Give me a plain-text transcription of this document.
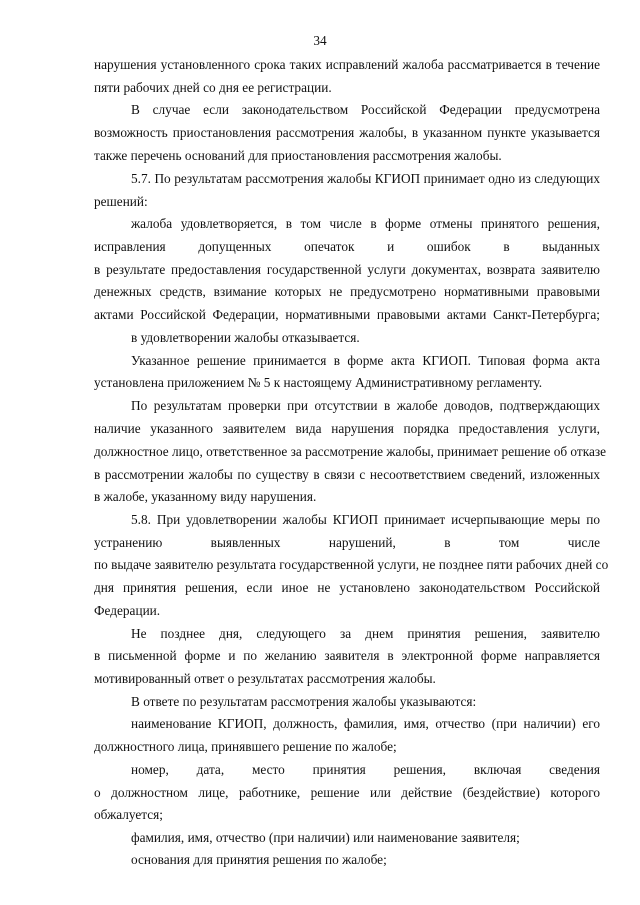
34
нарушения установленного срока таких исправлений жалоба рассматривается в течение
пяти рабочих дней со дня ее регистрации.
В случае если законодательством Российской Федерации предусмотрена
возможность приостановления рассмотрения жалобы, в указанном пункте указывается
также перечень оснований для приостановления рассмотрения жалобы.
5.7. По результатам рассмотрения жалобы КГИОП принимает одно из следующих
решений:
жалоба удовлетворяется, в том числе в форме отмены принятого решения,
исправления допущенных опечаток и ошибок в выданных
в результате предоставления государственной услуги документах, возврата заявителю
денежных средств, взимание которых не предусмотрено нормативными правовыми
актами Российской Федерации, нормативными правовыми актами Санкт-Петербурга;
в удовлетворении жалобы отказывается.
Указанное решение принимается в форме акта КГИОП. Типовая форма акта
установлена приложением № 5 к настоящему Административному регламенту.
По результатам проверки при отсутствии в жалобе доводов, подтверждающих
наличие указанного заявителем вида нарушения порядка предоставления услуги,
должностное лицо, ответственное за рассмотрение жалобы, принимает решение об отказе
в рассмотрении жалобы по существу в связи с несоответствием сведений, изложенных
в жалобе, указанному виду нарушения.
5.8. При удовлетворении жалобы КГИОП принимает исчерпывающие меры по
устранению выявленных нарушений, в том числе
по выдаче заявителю результата государственной услуги, не позднее пяти рабочих дней со
дня принятия решения, если иное не установлено законодательством Российской
Федерации.
Не позднее дня, следующего за днем принятия решения, заявителю
в письменной форме и по желанию заявителя в электронной форме направляется
мотивированный ответ о результатах рассмотрения жалобы.
В ответе по результатам рассмотрения жалобы указываются:
наименование КГИОП, должность, фамилия, имя, отчество (при наличии) его
должностного лица, принявшего решение по жалобе;
номер, дата, место принятия решения, включая сведения
о должностном лице, работнике, решение или действие (бездействие) которого
обжалуется;
фамилия, имя, отчество (при наличии) или наименование заявителя;
основания для принятия решения по жалобе;
